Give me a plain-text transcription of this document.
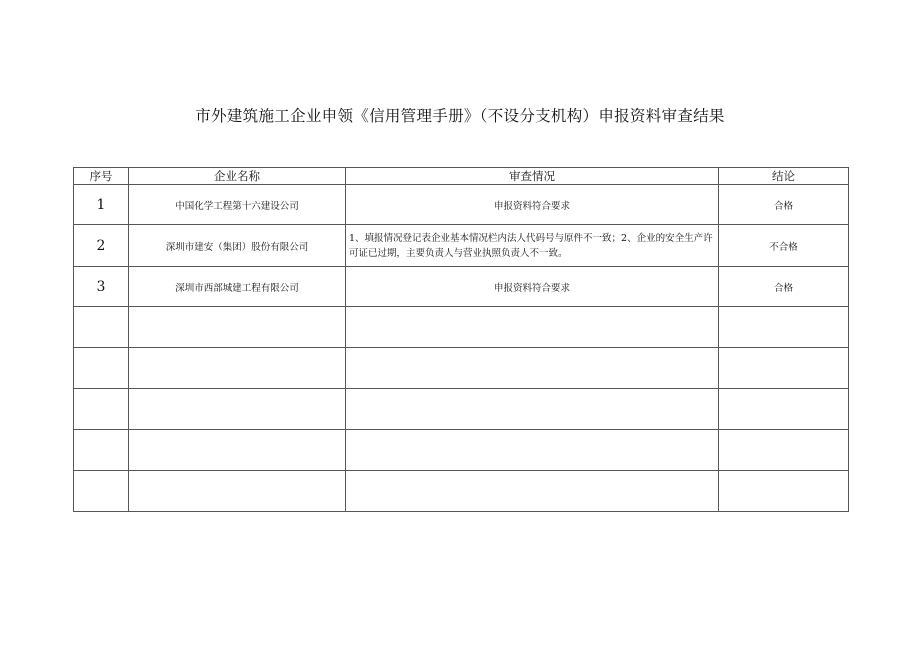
市外建筑施工企业申领《信用管理手册》（不设分支机构）申报资料审查结果
序号	企业名称	审查情况	结论
1	中国化学工程第十六建设公司	申报资料符合要求	合格
2	深圳市建安（集团）股份有限公司	1、填报情况登记表企业基本情况栏内法人代码号与原件不一致；2、企业的安全生产许可证已过期，主要负责人与营业执照负责人不一致。	不合格
3	深圳市西部城建工程有限公司	申报资料符合要求	合格
